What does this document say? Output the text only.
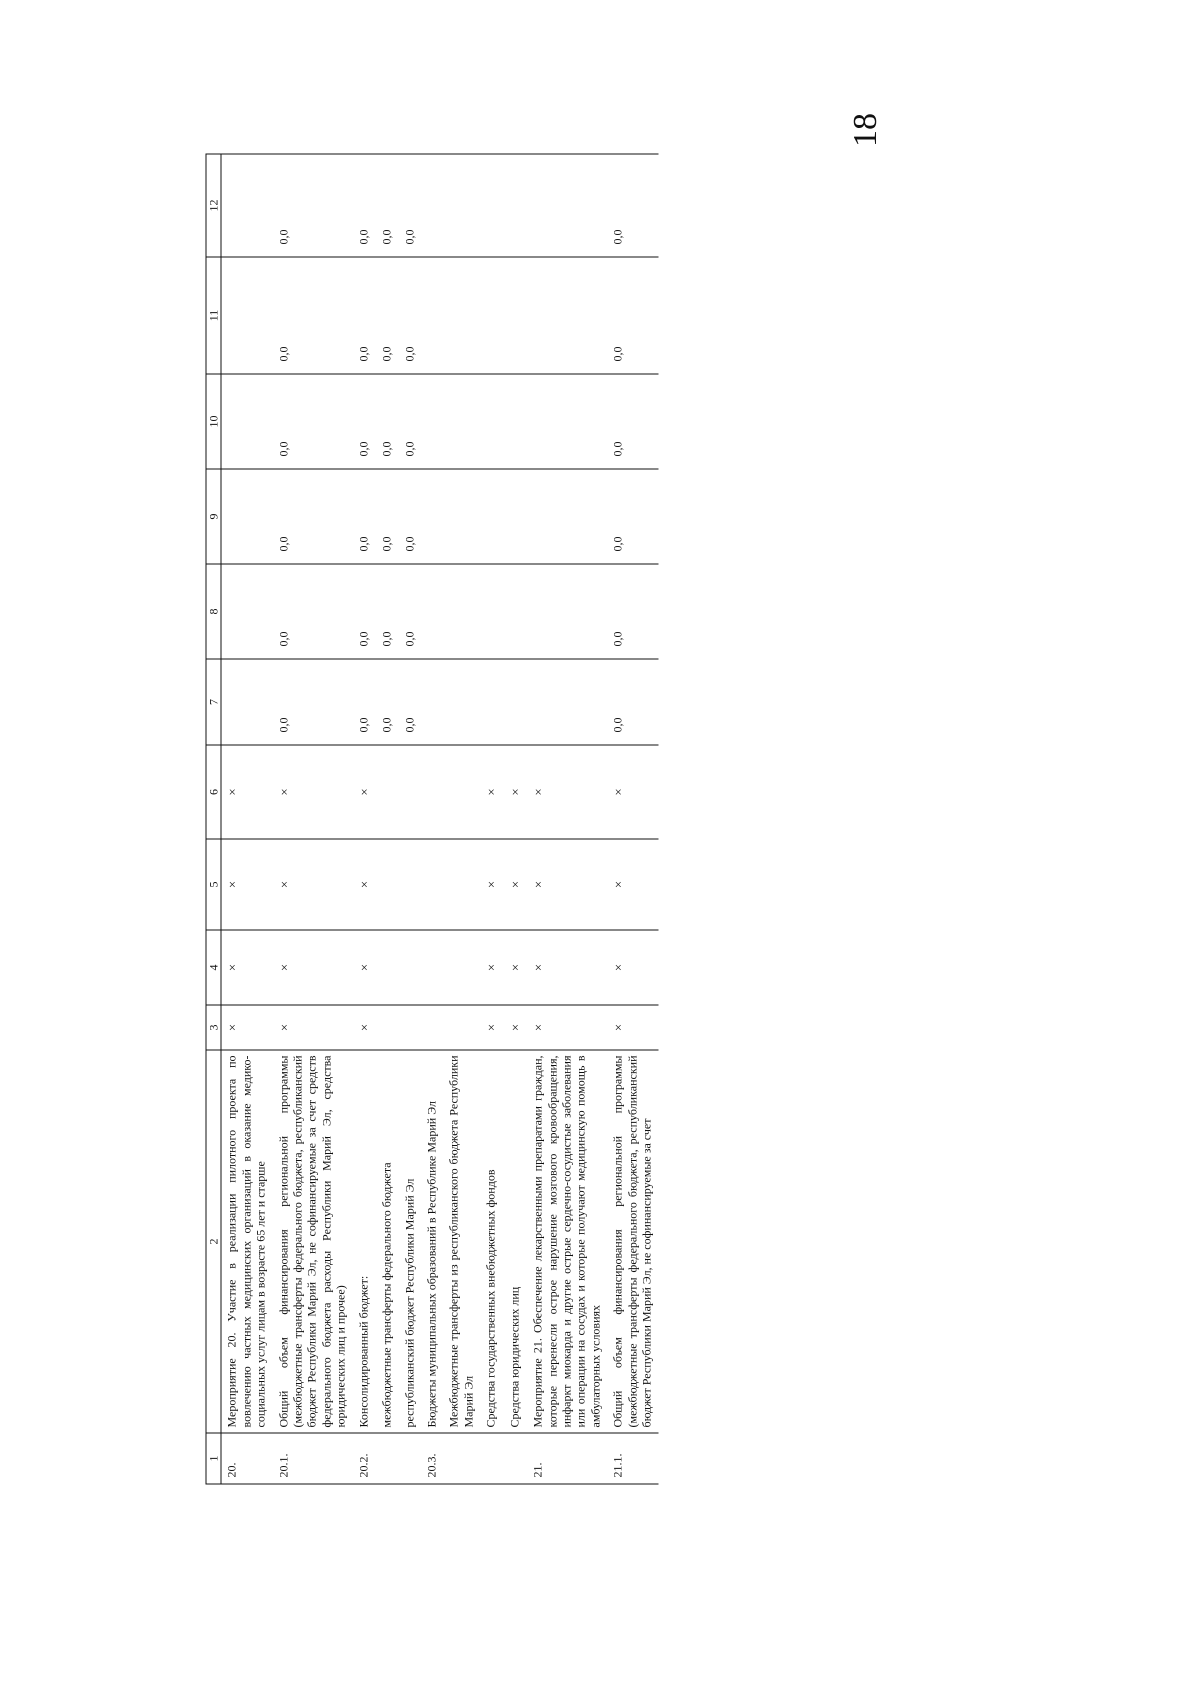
18
1	2	3	4	5	6	7	8	9	10	11	12
20.	Мероприятие 20. Участие в реализации пилотного проекта по вовлечению частных медицинских организаций в оказание медико-социальных услуг лицам в возрасте 65 лет и старше	×	×	×	×						
20.1.	Общий объем финансирования региональной программы (межбюджетные трансферты федерального бюджета, республиканский бюджет Республики Марий Эл, не софинансируемые за счет средств федерального бюджета расходы Республики Марий Эл, средства юридических лиц и прочее)	×	×	×	×	0,0	0,0	0,0	0,0	0,0	0,0
20.2.	Консолидированный бюджет:	×	×	×	×	0,0	0,0	0,0	0,0	0,0	0,0
	межбюджетные трансферты федерального бюджета					0,0	0,0	0,0	0,0	0,0	0,0
	республиканский бюджет Республики Марий Эл					0,0	0,0	0,0	0,0	0,0	0,0
20.3.	Бюджеты муниципальных образований в Республике Марий Эл										
	Межбюджетные трансферты из республиканского бюджета Республики Марий Эл										
	Средства государственных внебюджетных фондов	×	×	×	×						
	Средства юридических лиц	×	×	×	×						
21.	Мероприятие 21. Обеспечение лекарственными препаратами граждан, которые перенесли острое нарушение мозгового кровообращения, инфаркт миокарда и другие острые сердечно-сосудистые заболевания или операции на сосудах и которые получают медицинскую помощь в амбулаторных условиях	×	×	×	×						
21.1.	Общий объем финансирования региональной программы (межбюджетные трансферты федерального бюджета, республиканский бюджет Республики Марий Эл, не софинансируемые за счет	×	×	×	×	0,0	0,0	0,0	0,0	0,0	0,0
